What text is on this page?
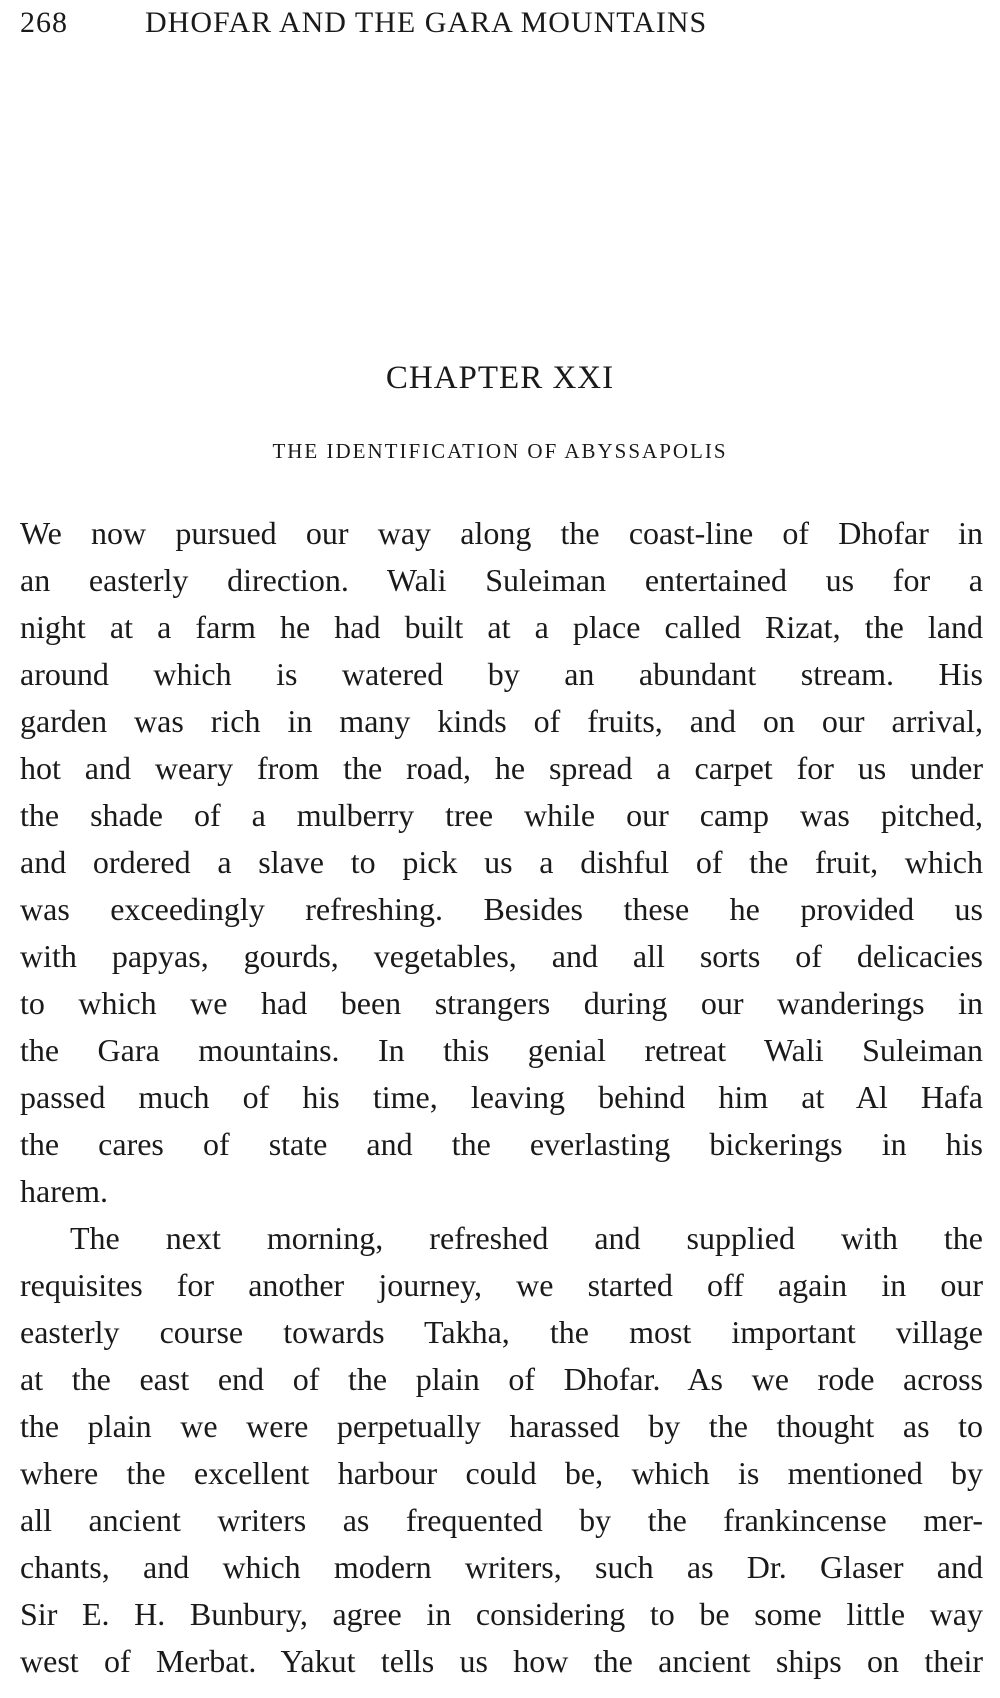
268	DHOFAR AND THE GARA MOUNTAINS
CHAPTER XXI
THE IDENTIFICATION OF ABYSSAPOLIS
We now pursued our way along the coast-line of Dhofar in
an easterly direction. Wali Suleiman entertained us for a
night at a farm he had built at a place called Rizat, the land
around which is watered by an abundant stream. His
garden was rich in many kinds of fruits, and on our arrival,
hot and weary from the road, he spread a carpet for us under
the shade of a mulberry tree while our camp was pitched,
and ordered a slave to pick us a dishful of the fruit, which
was exceedingly refreshing. Besides these he provided us
with papyas, gourds, vegetables, and all sorts of delicacies
to which we had been strangers during our wanderings in
the Gara mountains. In this genial retreat Wali Suleiman
passed much of his time, leaving behind him at Al Hafa
the cares of state and the everlasting bickerings in his
harem.
The next morning, refreshed and supplied with the
requisites for another journey, we started off again in our
easterly course towards Takha, the most important village
at the east end of the plain of Dhofar. As we rode across
the plain we were perpetually harassed by the thought as to
where the excellent harbour could be, which is mentioned by
all ancient writers as frequented by the frankincense mer-
chants, and which modern writers, such as Dr. Glaser and
Sir E. H. Bunbury, agree in considering to be some little way
west of Merbat. Yakut tells us how the ancient ships on their
